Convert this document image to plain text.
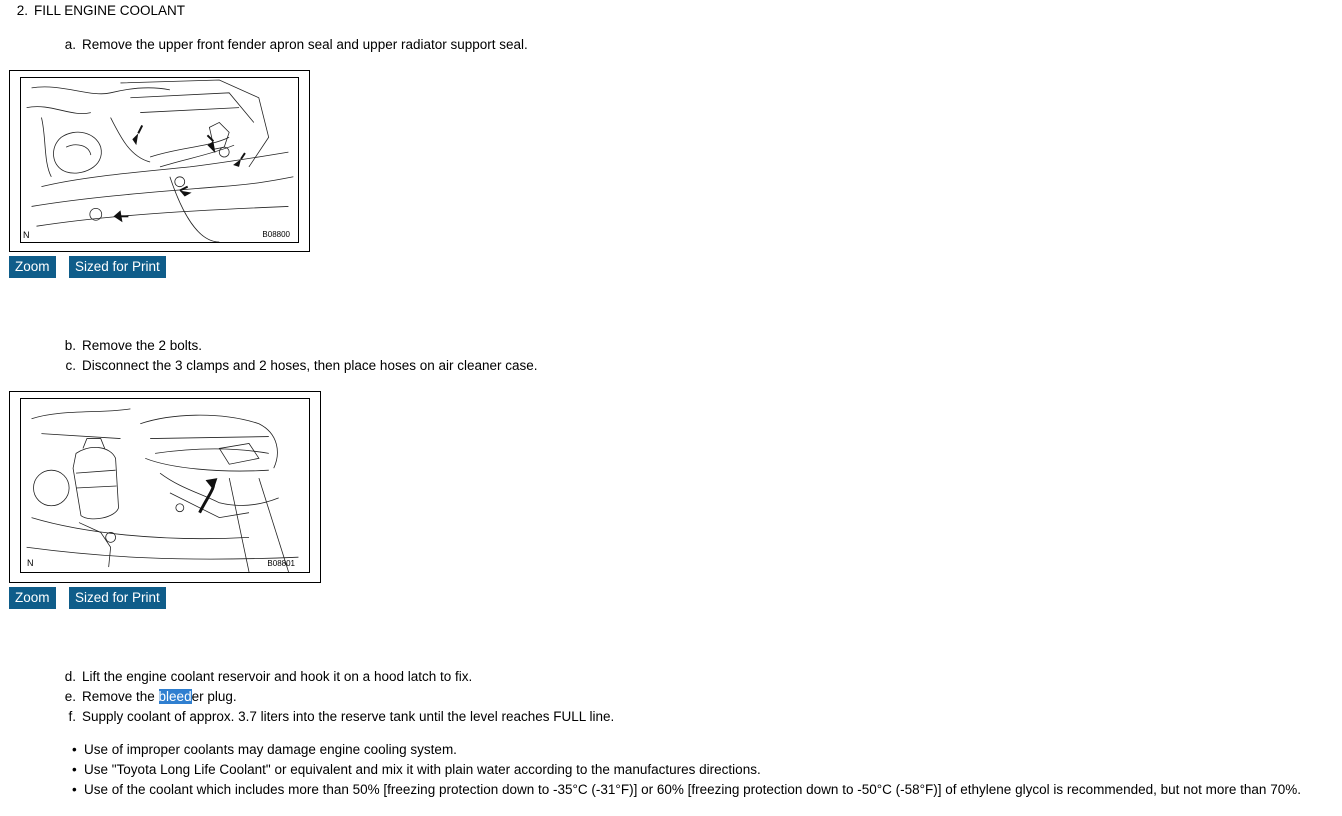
2. FILL ENGINE COOLANT
a. Remove the upper front fender apron seal and upper radiator support seal.
N	B08800
Zoom	Sized for Print
b. Remove the 2 bolts.
c. Disconnect the 3 clamps and 2 hoses, then place hoses on air cleaner case.
N	B08801
Zoom	Sized for Print
d. Lift the engine coolant reservoir and hook it on a hood latch to fix.
e. Remove the bleeder plug.
f. Supply coolant of approx. 3.7 liters into the reserve tank until the level reaches FULL line.
• Use of improper coolants may damage engine cooling system.
• Use "Toyota Long Life Coolant" or equivalent and mix it with plain water according to the manufactures directions.
• Use of the coolant which includes more than 50% [freezing protection down to -35°C (-31°F)] or 60% [freezing protection down to -50°C (-58°F)] of ethylene glycol is recommended, but not more than 70%.
